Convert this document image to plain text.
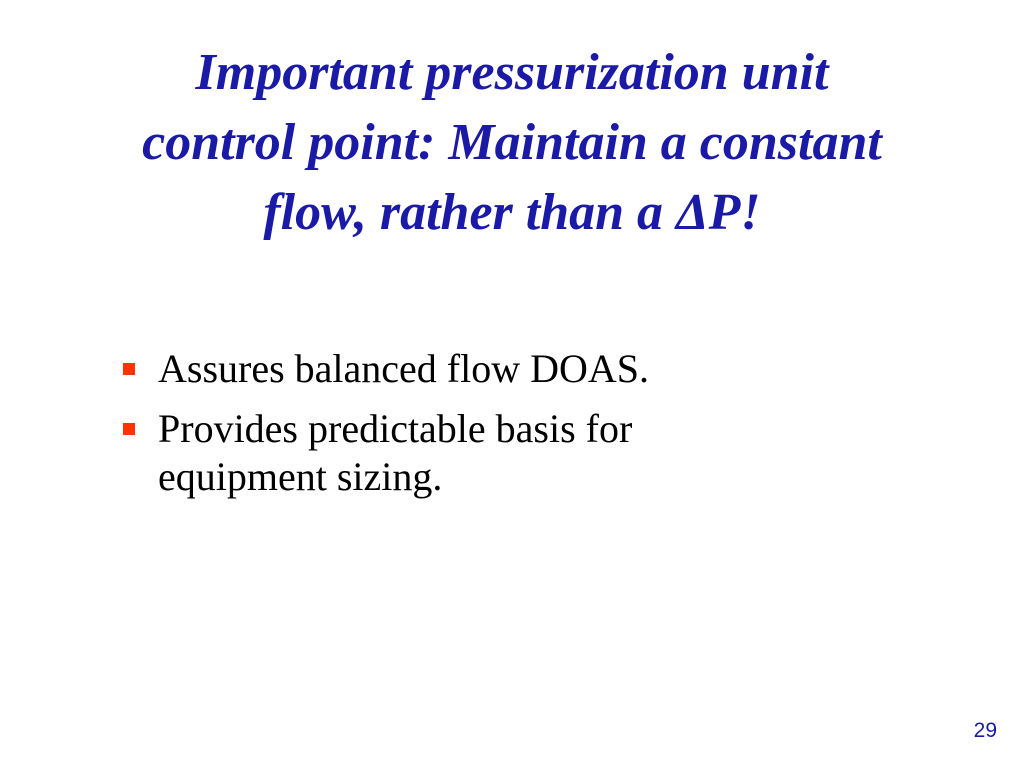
Important pressurization unit
control point: Maintain a constant
flow, rather than a ΔP!
Assures balanced flow DOAS.
Provides predictable basis for
equipment sizing.
29
